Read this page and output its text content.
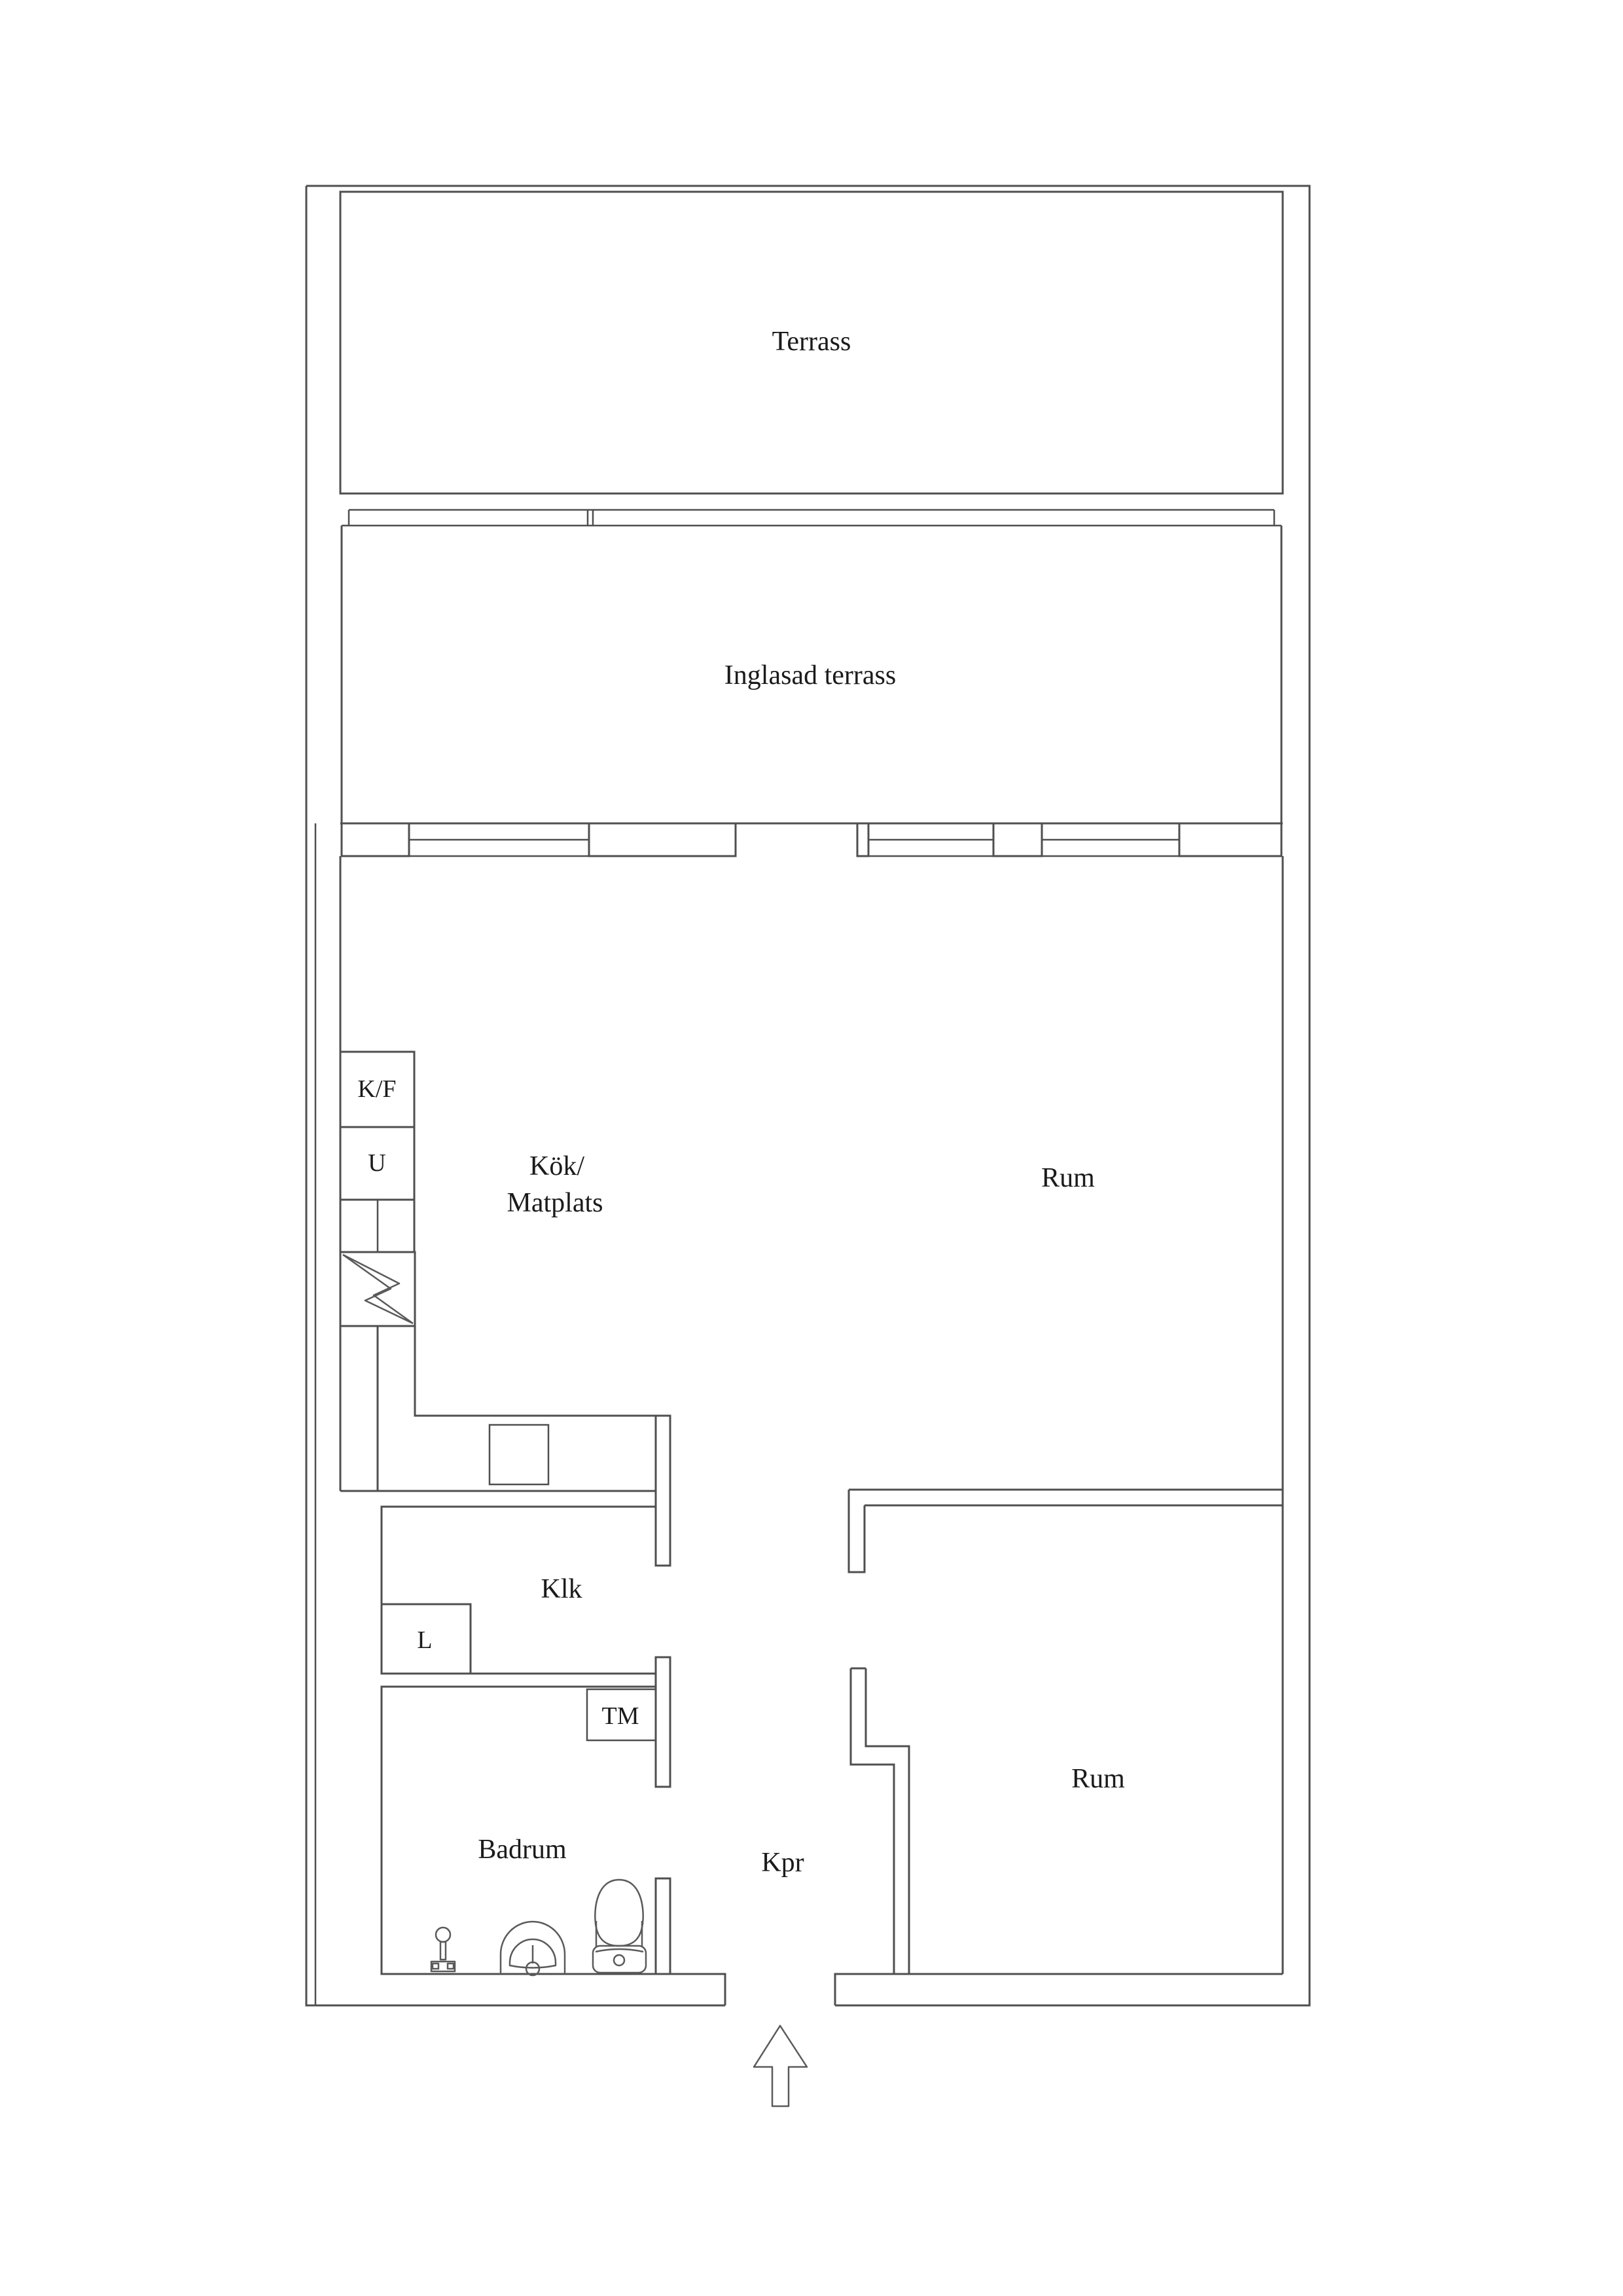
Terrass
Inglasad terrass
Kök/
Matplats
Rum
Klk
Badrum	Kpr
Rum
K/F
U
L
TM
